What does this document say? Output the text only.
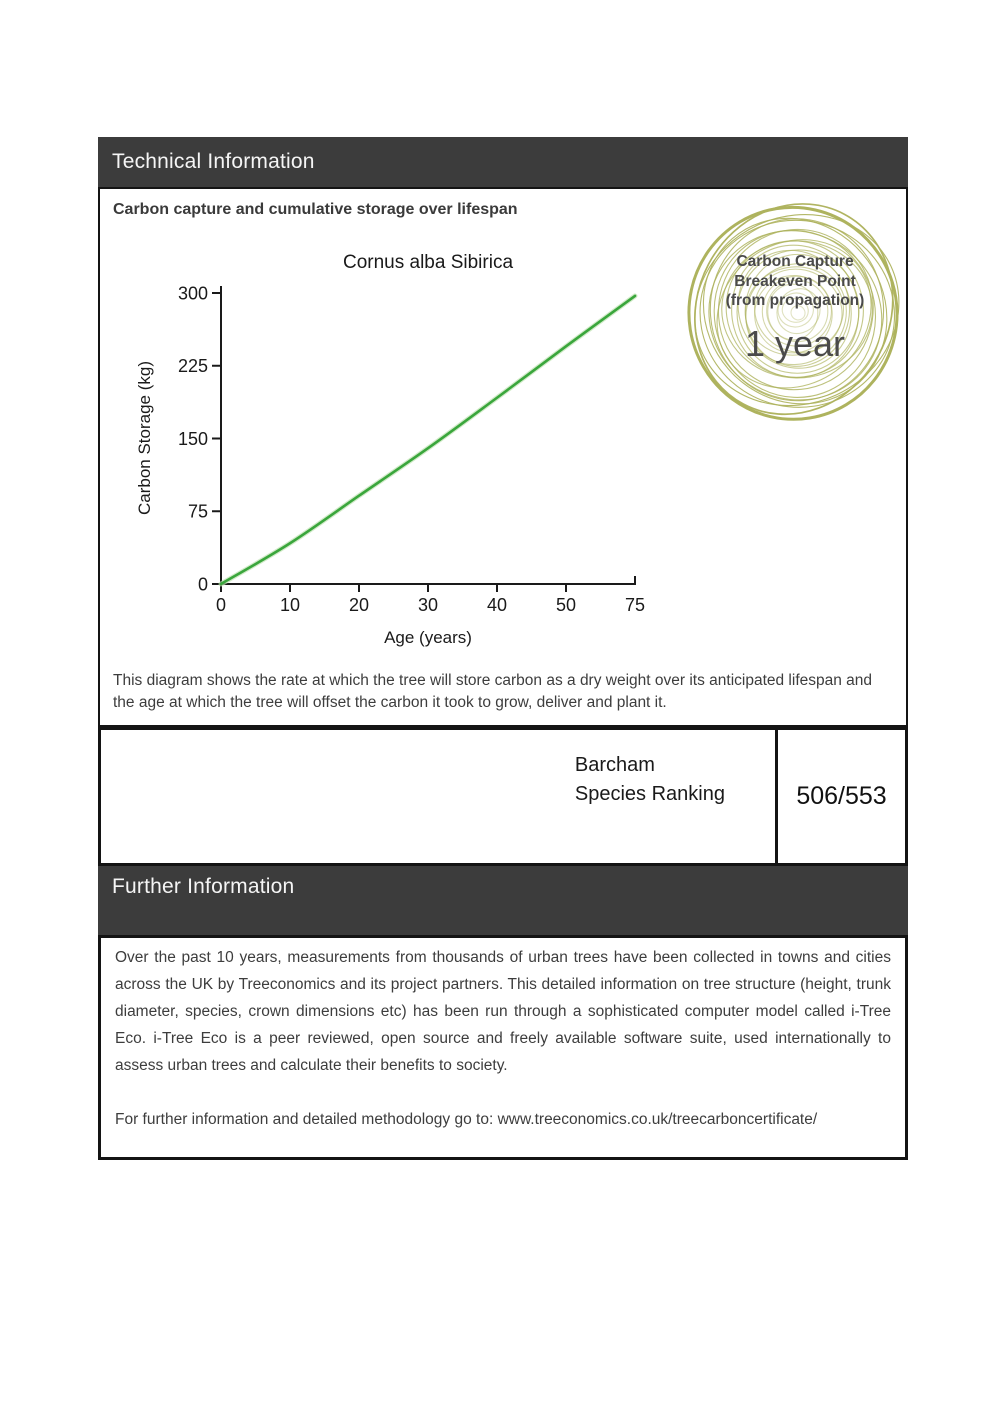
Technical Information
Carbon capture and cumulative storage over lifespan
Cornus alba Sibirica
Age (years)
Carbon Storage (kg)
0
75
150
225
300
0	10	20	30	40	50	75
Carbon Capture
Breakeven Point
(from propagation)
1 year

This diagram shows the rate at which the tree will store carbon as a dry weight over its anticipated lifespan and the age at which the tree will offset the carbon it took to grow, deliver and plant it.

Barcham
Species Ranking	506/553
Further Information

Over the past 10 years, measurements from thousands of urban trees have been collected in towns and cities across the UK by Treeconomics and its project partners. This detailed information on tree structure (height, trunk diameter, species, crown dimensions etc) has been run through a sophisticated computer model called i-Tree Eco. i-Tree Eco is a peer reviewed, open source and freely available software suite, used internationally to assess urban trees and calculate their benefits to society.

For further information and detailed methodology go to: www.treeconomics.co.uk/treecarboncertificate/
